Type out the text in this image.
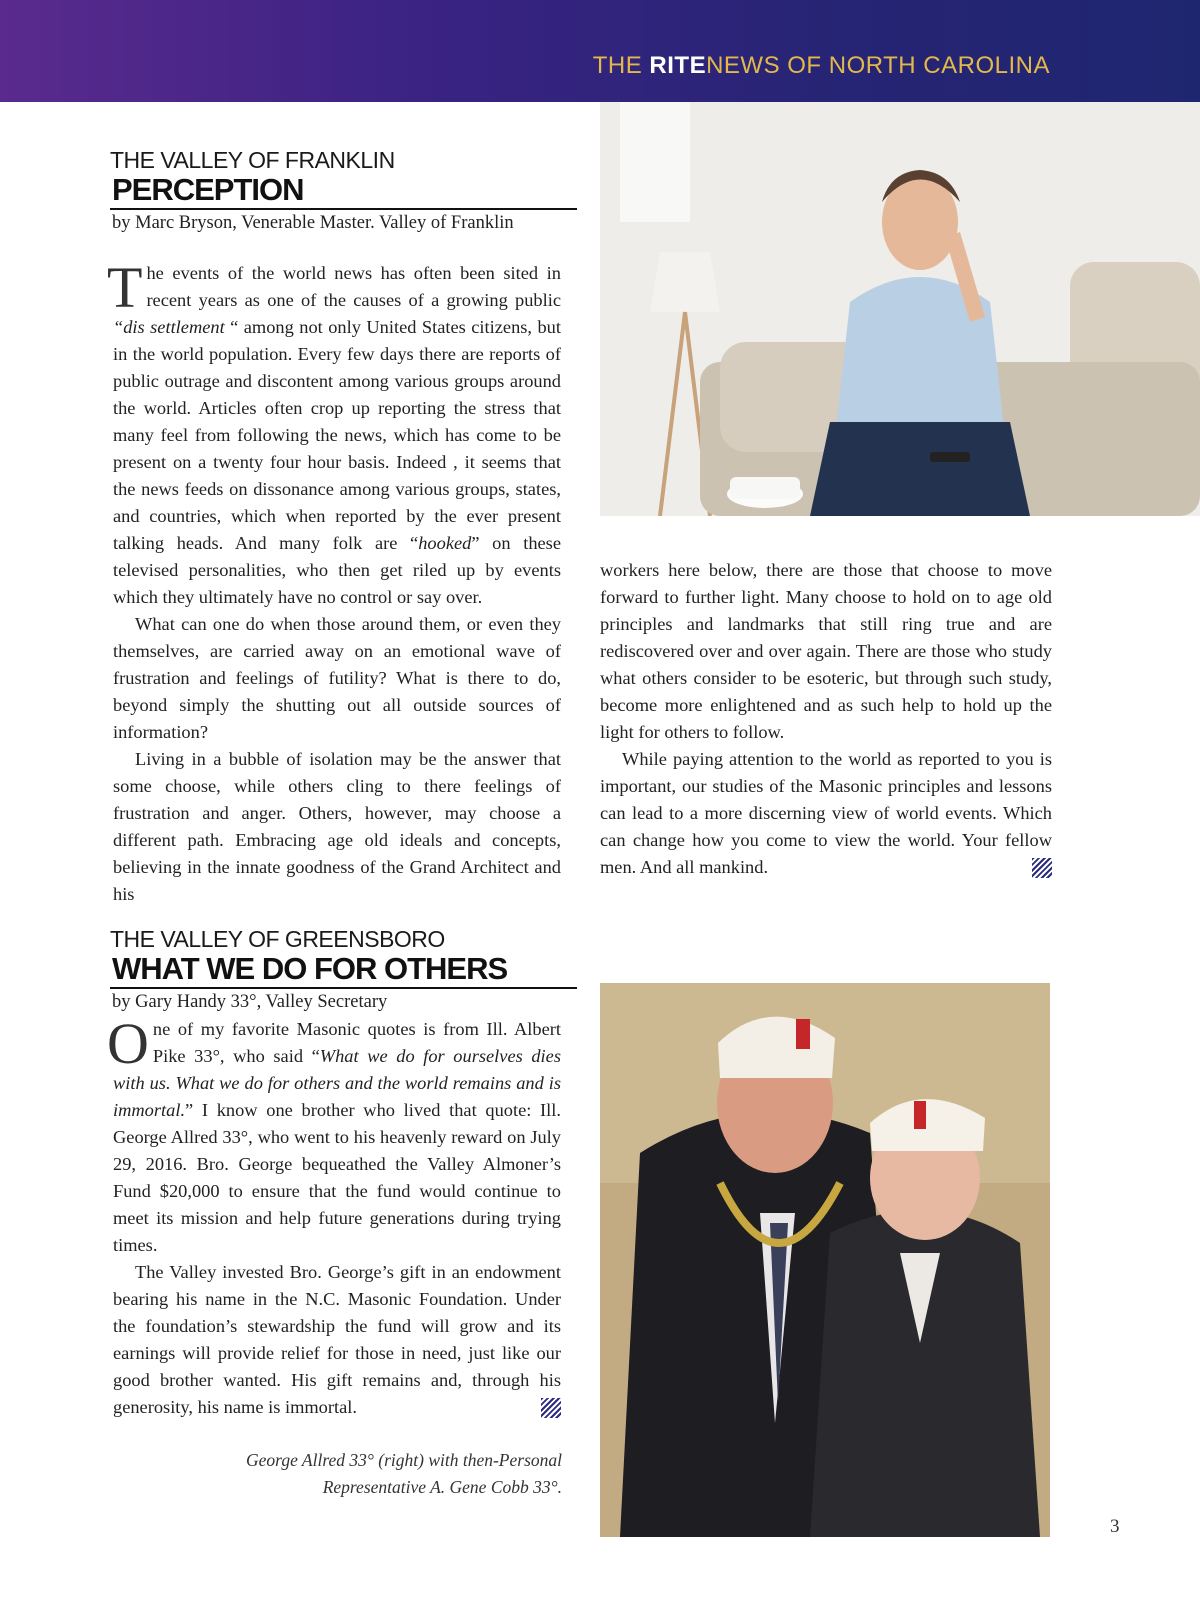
THE RITENEWS OF NORTH CAROLINA
THE VALLEY OF FRANKLIN
PERCEPTION
by Marc Bryson, Venerable Master. Valley of Franklin

The events of the world news has often been sited in recent years as one of the causes of a growing public “dis settlement “ among not only United States citizens, but in the world population. Every few days there are reports of public outrage and discontent among various groups around the world. Articles often crop up reporting the stress that many feel from following the news, which has come to be present on a twenty four hour basis. Indeed , it seems that the news feeds on dissonance among various groups, states, and countries, which when reported by the ever present talking heads. And many folk are “hooked” on these televised personalities, who then get riled up by events which they ultimately have no control or say over.

What can one do when those around them, or even they themselves, are carried away on an emotional wave of frustration and feelings of futility? What is there to do, beyond simply the shutting out all outside sources of information?

Living in a bubble of isolation may be the answer that some choose, while others cling to there feelings of frustration and anger. Others, however, may choose a different path. Embracing age old ideals and concepts, believing in the innate goodness of the Grand Architect and his

workers here below, there are those that choose to move forward to further light. Many choose to hold on to age old principles and landmarks that still ring true and are rediscovered over and over again. There are those who study what others consider to be esoteric, but through such study, become more enlightened and as such help to hold up the light for others to follow.

While paying attention to the world as reported to you is important, our studies of the Masonic principles and lessons can lead to a more discerning view of world events. Which can change how you come to view the world. Your fellow men. And all mankind.

THE VALLEY OF GREENSBORO
WHAT WE DO FOR OTHERS
by Gary Handy 33°, Valley Secretary

One of my favorite Masonic quotes is from Ill. Albert Pike 33°, who said “What we do for ourselves dies with us. What we do for others and the world remains and is immortal.” I know one brother who lived that quote: Ill. George Allred 33°, who went to his heavenly reward on July 29, 2016. Bro. George bequeathed the Valley Almoner’s Fund $20,000 to ensure that the fund would continue to meet its mission and help future generations during trying times.

The Valley invested Bro. George’s gift in an endowment bearing his name in the N.C. Masonic Foundation. Under the foundation’s stewardship the fund will grow and its earnings will provide relief for those in need, just like our good brother wanted. His gift remains and, through his generosity, his name is immortal.

George Allred 33° (right) with then-Personal
Representative A. Gene Cobb 33°.
3
